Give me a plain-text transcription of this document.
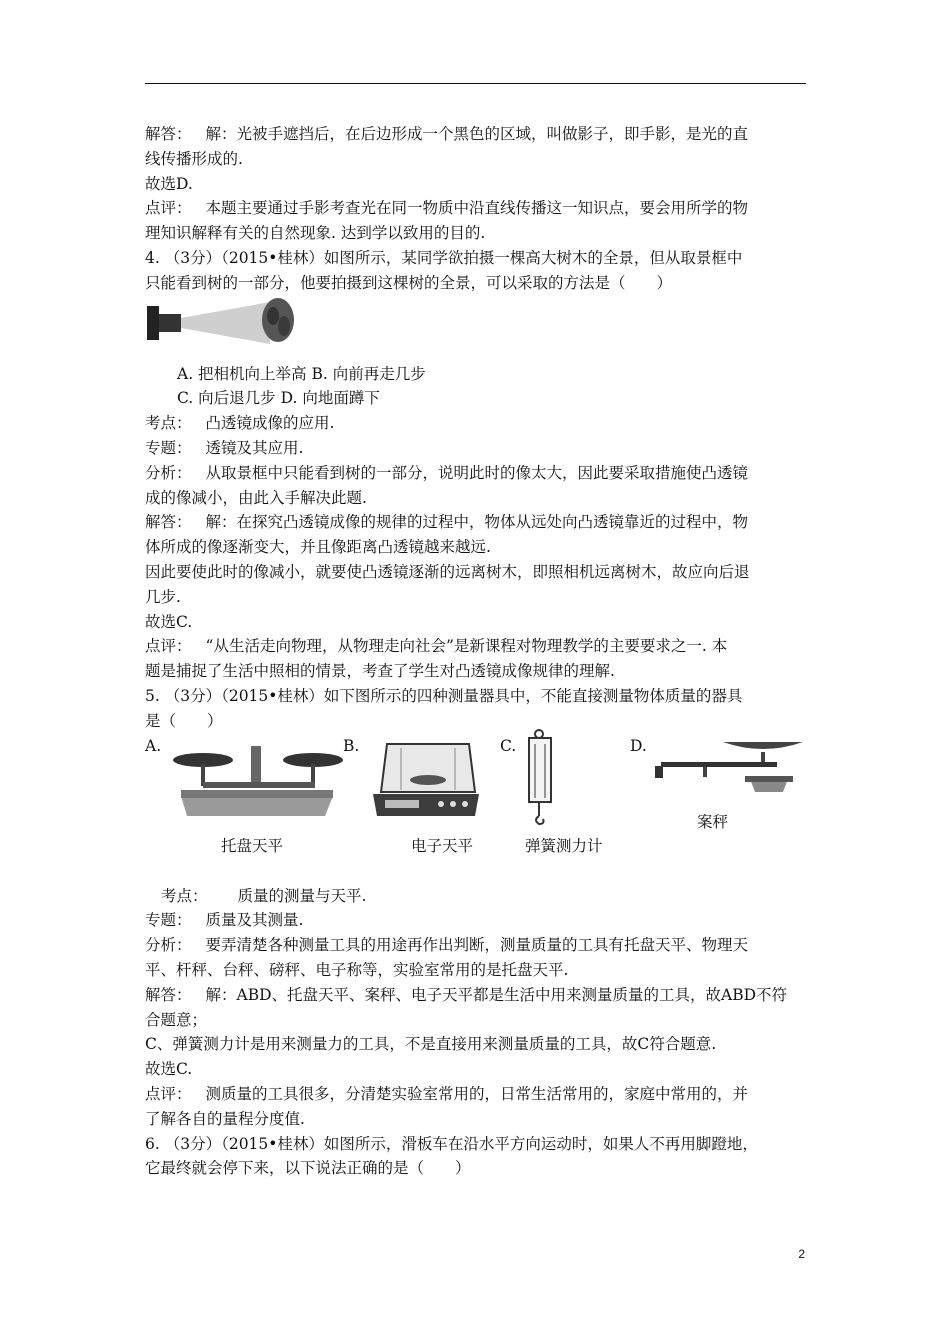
解答： 解：光被手遮挡后，在后边形成一个黑色的区域，叫做影子，即手影，是光的直
线传播形成的.
故选D.
点评： 本题主要通过手影考查光在同一物质中沿直线传播这一知识点，要会用所学的物
理知识解释有关的自然现象. 达到学以致用的目的.
4. （3分）（2015•桂林）如图所示，某同学欲拍摄一棵高大树木的全景，但从取景框中
只能看到树的一部分，他要拍摄到这棵树的全景，可以采取的方法是（　　）
A. 把相机向上举高 B. 向前再走几步
C. 向后退几步 D. 向地面蹲下
考点： 凸透镜成像的应用.
专题： 透镜及其应用.
分析： 从取景框中只能看到树的一部分，说明此时的像太大，因此要采取措施使凸透镜
成的像减小，由此入手解决此题.
解答： 解：在探究凸透镜成像的规律的过程中，物体从远处向凸透镜靠近的过程中，物
体所成的像逐渐变大，并且像距离凸透镜越来越远.
因此要使此时的像减小，就要使凸透镜逐渐的远离树木，即照相机远离树木，故应向后退
几步.
故选C.
点评： “从生活走向物理，从物理走向社会”是新课程对物理教学的主要要求之一. 本
题是捕捉了生活中照相的情景，考查了学生对凸透镜成像规律的理解.
5. （3分）（2015•桂林）如下图所示的四种测量器具中，不能直接测量物体质量的器具
是（　　）
A.	B.	C.	D.
托盘天平	电子天平	弹簧测力计
案秤
考点： 质量的测量与天平.
专题： 质量及其测量.
分析： 要弄清楚各种测量工具的用途再作出判断，测量质量的工具有托盘天平、物理天
平、杆秤、台秤、磅秤、电子称等，实验室常用的是托盘天平.
解答： 解：ABD、托盘天平、案秤、电子天平都是生活中用来测量质量的工具，故ABD不符
合题意；
C、弹簧测力计是用来测量力的工具，不是直接用来测量质量的工具，故C符合题意.
故选C.
点评： 测质量的工具很多，分清楚实验室常用的，日常生活常用的，家庭中常用的，并
了解各自的量程分度值.
6. （3分）（2015•桂林）如图所示，滑板车在沿水平方向运动时，如果人不再用脚蹬地，
它最终就会停下来，以下说法正确的是（　　）
2
